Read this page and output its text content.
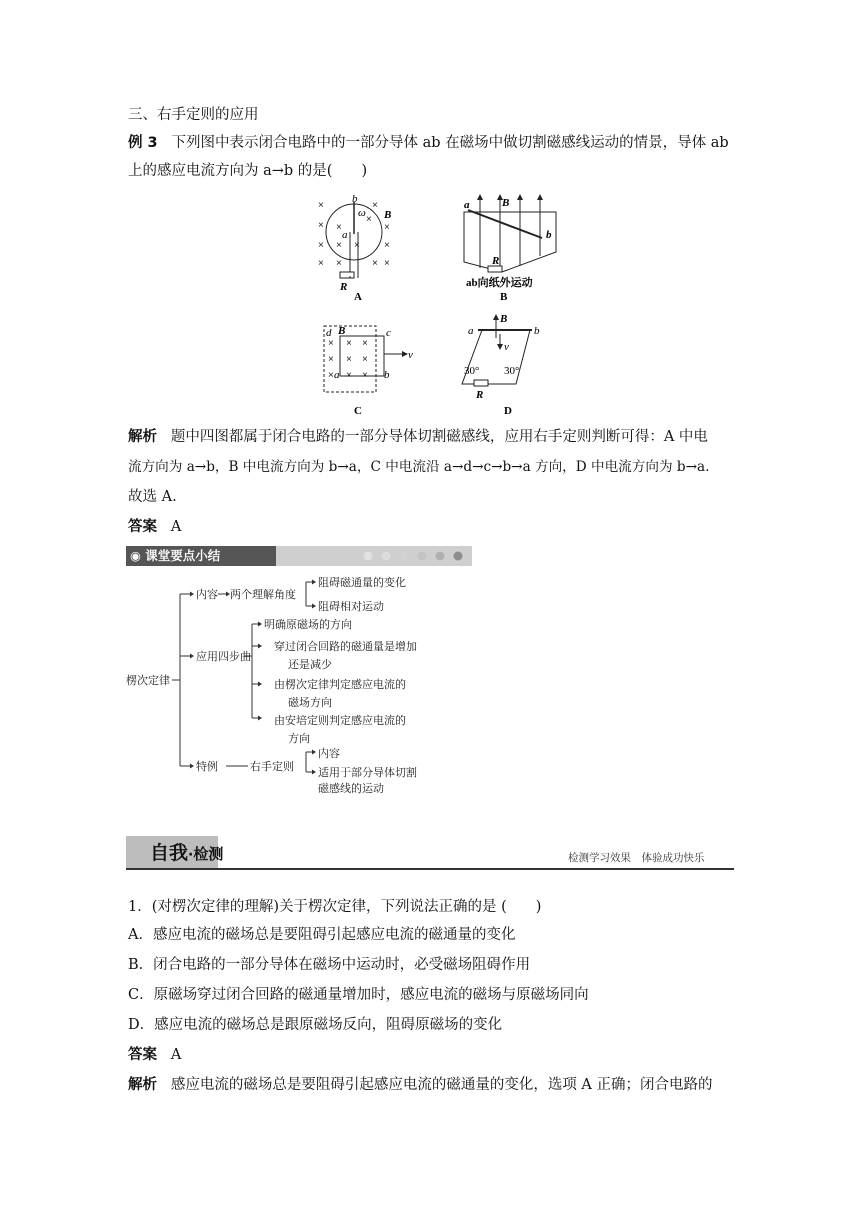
三、右手定则的应用
例 3 下列图中表示闭合电路中的一部分导体 ab 在磁场中做切割磁感线运动的情景，导体 ab
上的感应电流方向为 a→b 的是(　　)
×	×
× ×
×
×
× ×	×
× ×
×
× ×
b
ω B
a
R
A
a	B
b
R
ab向纸外运动
B
× × ×
× × ×
× × ×
d B	c
v
a	b
C
a
B
b
v
30° 30°
R
D
解析 题中四图都属于闭合电路的一部分导体切割磁感线，应用右手定则判断可得：A 中电
流方向为 a→b，B 中电流方向为 b→a，C 中电流沿 a→d→c→b→a 方向，D 中电流方向为 b→a.
故选 A.
答案 A
◉ 课堂要点小结
楞次定律
内容 两个理解角度
阻碍磁通量的变化
阻碍相对运动
应用四步曲
明确原磁场的方向
穿过闭合回路的磁通量是增加
还是减少
由楞次定律判定感应电流的
磁场方向
由安培定则判定感应电流的
方向
特例	右手定则
内容
适用于部分导体切割
磁感线的运动
自我·检测	检测学习效果　体验成功快乐
1．(对楞次定律的理解)关于楞次定律，下列说法正确的是 (　　)
A．感应电流的磁场总是要阻碍引起感应电流的磁通量的变化
B．闭合电路的一部分导体在磁场中运动时，必受磁场阻碍作用
C．原磁场穿过闭合回路的磁通量增加时，感应电流的磁场与原磁场同向
D．感应电流的磁场总是跟原磁场反向，阻碍原磁场的变化
答案 A
解析 感应电流的磁场总是要阻碍引起感应电流的磁通量的变化，选项 A 正确；闭合电路的
